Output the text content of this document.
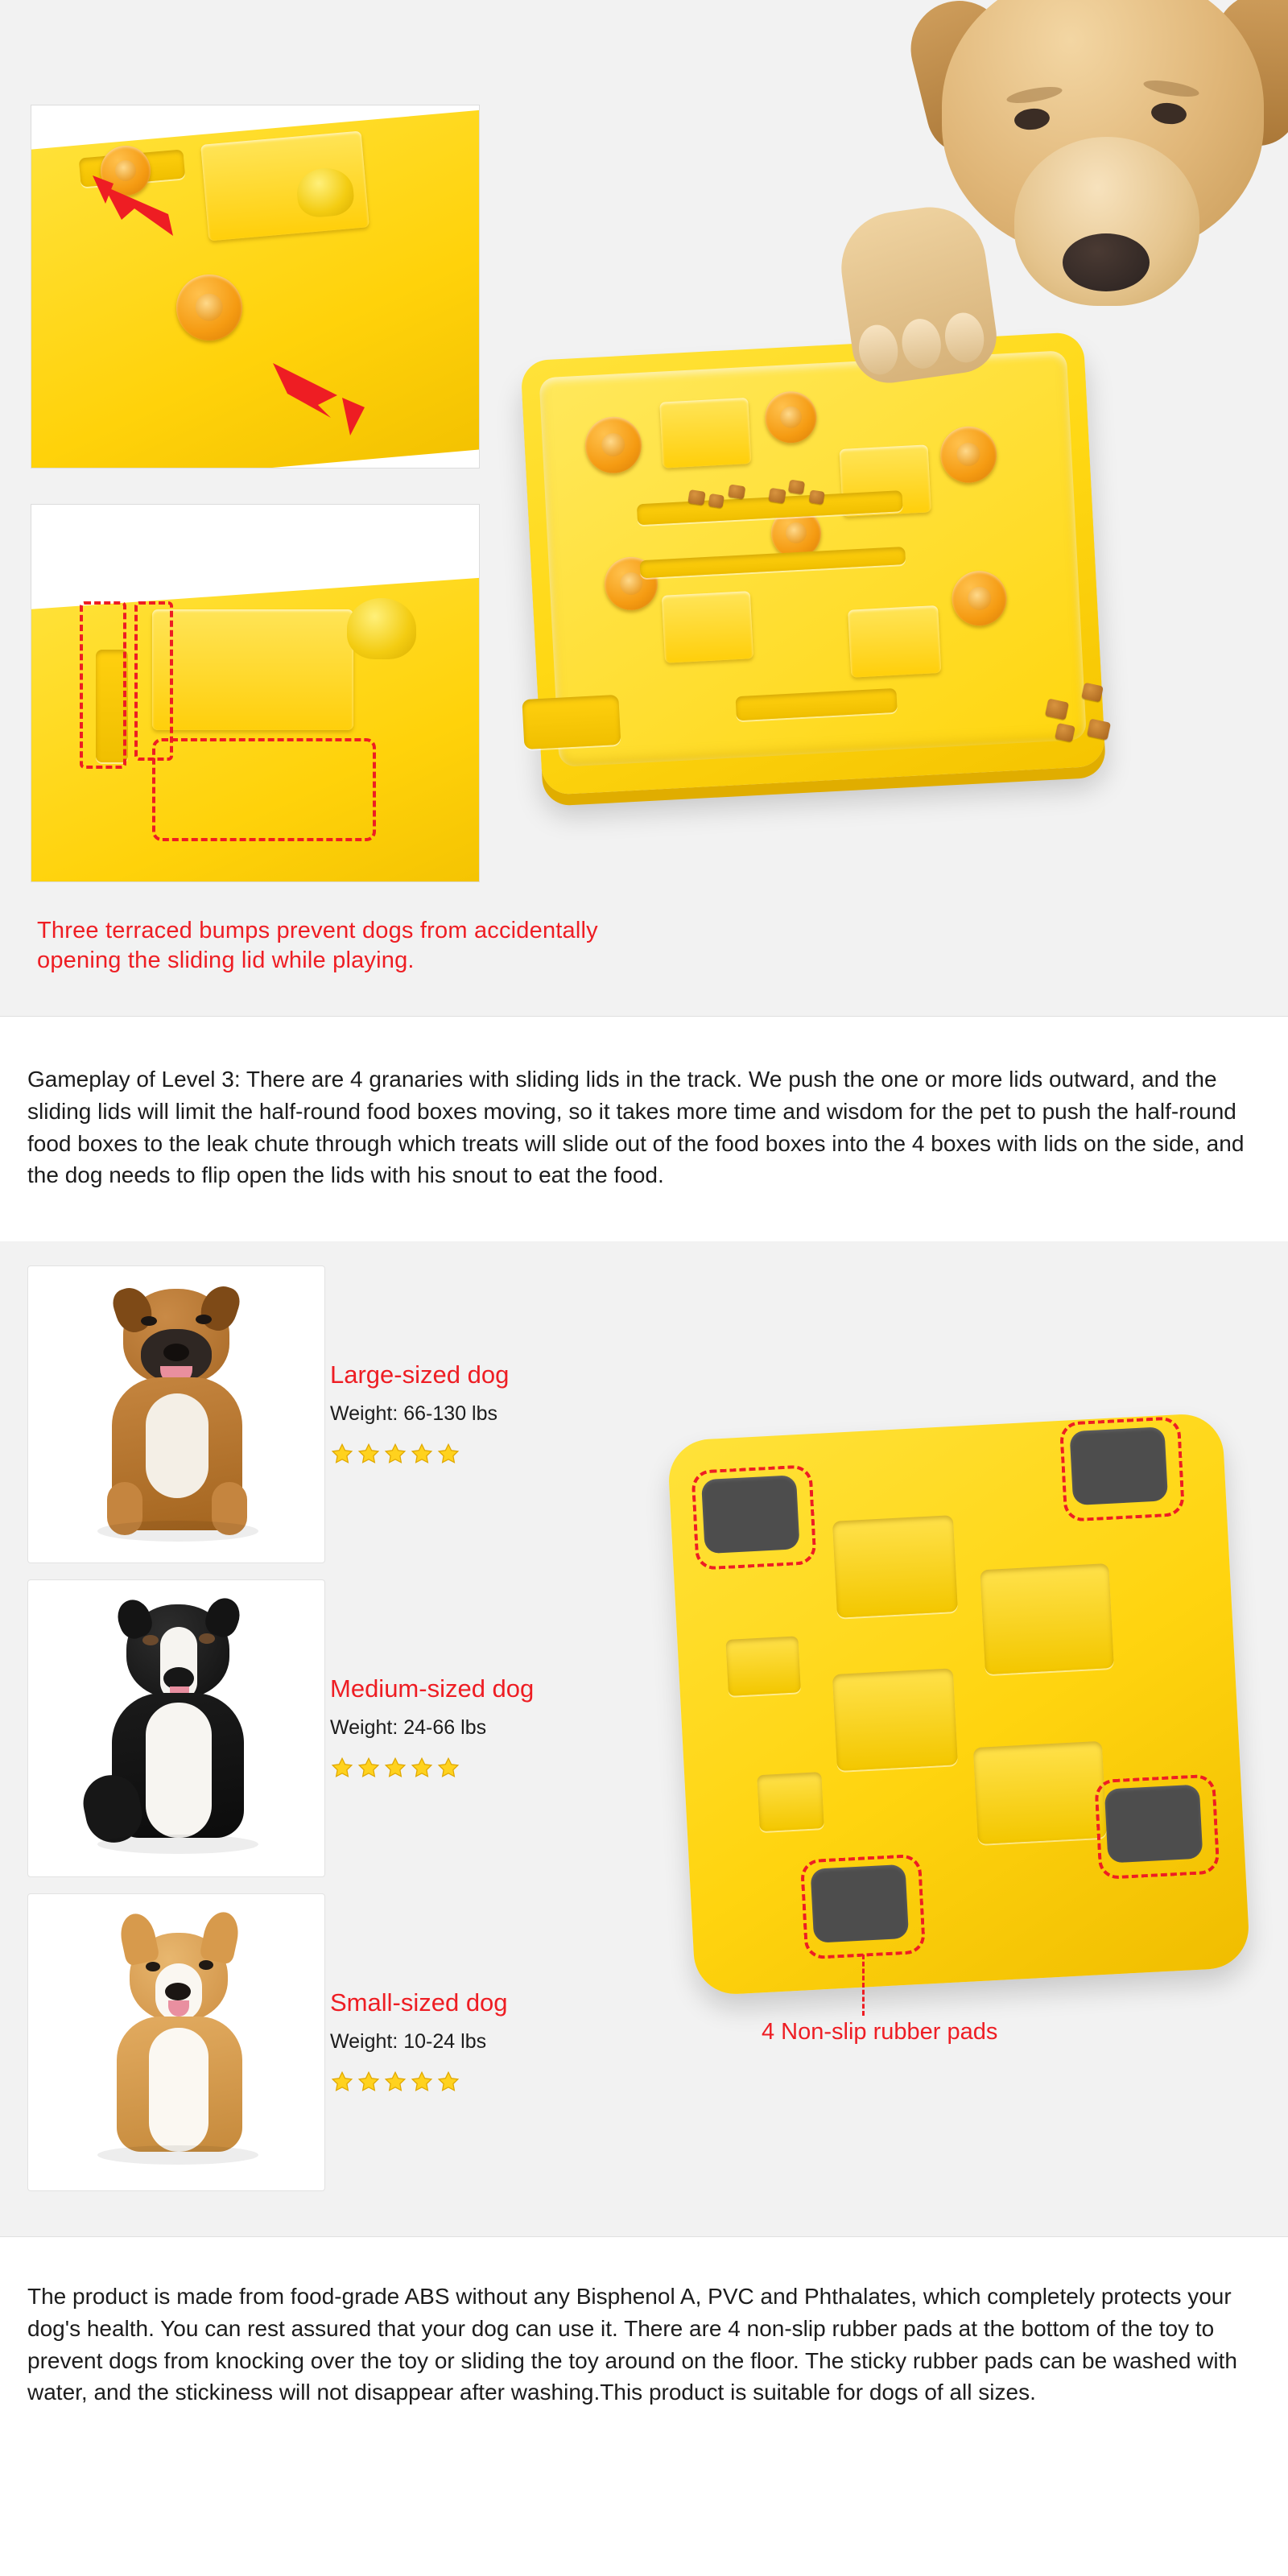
Three terraced bumps prevent dogs from accidentally
opening the sliding lid while playing.

Gameplay of Level 3: There are 4 granaries with sliding lids in the track. We push the one or more lids outward, and the sliding lids will limit the half-round food boxes moving, so it takes more time and wisdom for the pet to push the half-round food boxes to the leak chute through which treats will slide out of the food boxes into the 4 boxes with lids on the side, and the dog needs to flip open the lids with his snout to eat the food.

Large-sized dog
Weight: 66-130 lbs

Medium-sized dog
Weight: 24-66 lbs

Small-sized dog
Weight: 10-24 lbs

	4 Non-slip rubber pads

The product is made from food-grade ABS without any Bisphenol A, PVC and Phthalates, which completely protects your dog's health. You can rest assured that your dog can use it. There are 4 non-slip rubber pads at the bottom of the toy to prevent dogs from knocking over the toy or sliding the toy around on the floor. The sticky rubber pads can be washed with water, and the stickiness will not disappear after washing.This product is suitable for dogs of all sizes.
